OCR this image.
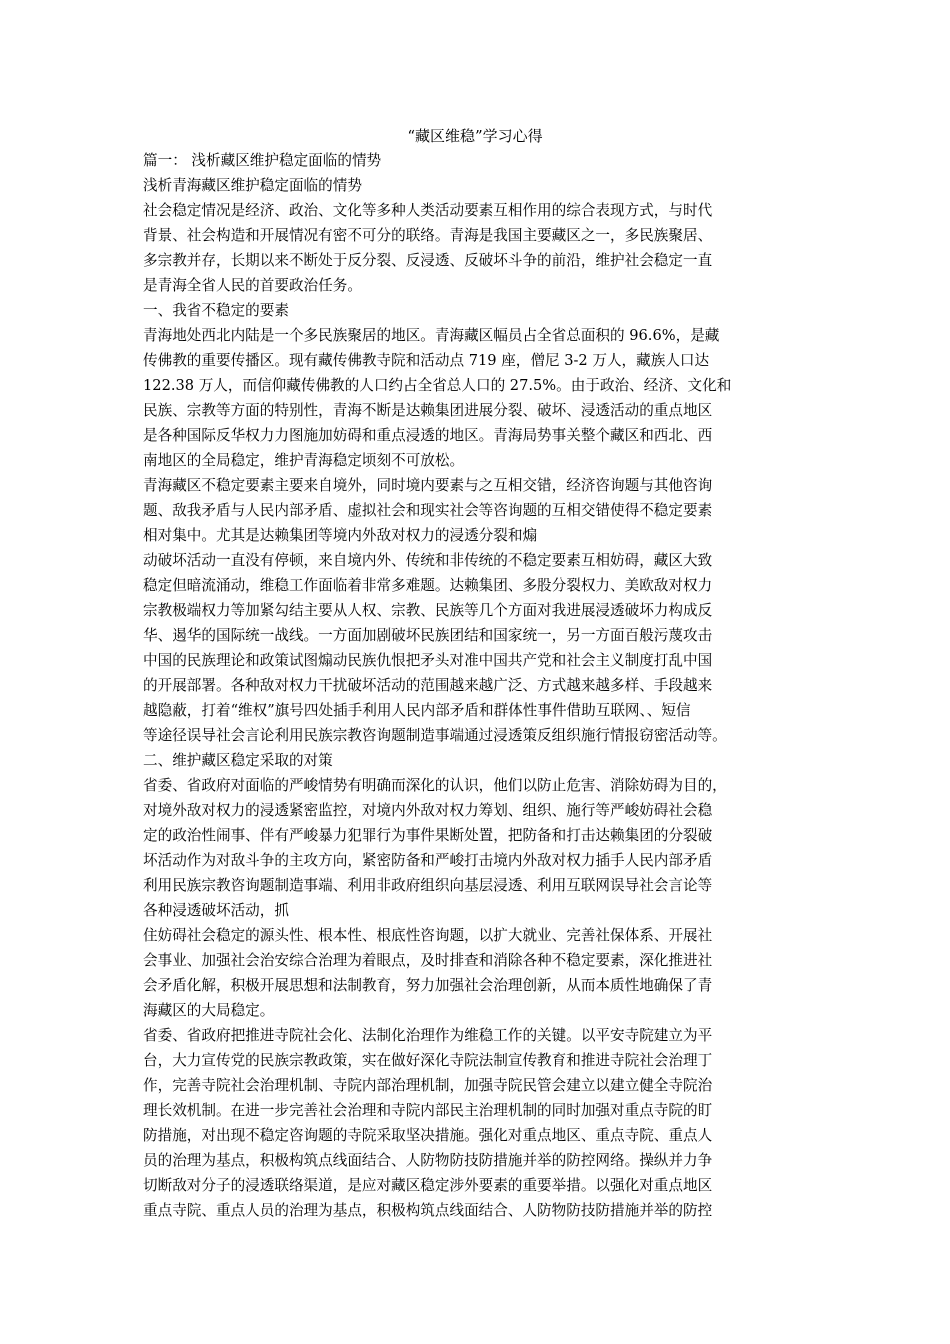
“藏区维稳”学习心得
篇一： 浅析藏区维护稳定面临的情势
浅析青海藏区维护稳定面临的情势
社会稳定情况是经济、政治、文化等多种人类活动要素互相作用的综合表现方式，与时代
背景、社会构造和开展情况有密不可分的联络。青海是我国主要藏区之一，多民族聚居、
多宗教并存，长期以来不断处于反分裂、反浸透、反破坏斗争的前沿，维护社会稳定一直
是青海全省人民的首要政治任务。
一、我省不稳定的要素
青海地处西北内陆是一个多民族聚居的地区。青海藏区幅员占全省总面积的 96.6%，是藏
传佛教的重要传播区。现有藏传佛教寺院和活动点 719 座，僧尼 3-2 万人，藏族人口达
122.38 万人，而信仰藏传佛教的人口约占全省总人口的 27.5%。由于政治、经济、文化和
民族、宗教等方面的特别性，青海不断是达赖集团进展分裂、破坏、浸透活动的重点地区
是各种国际反华权力力图施加妨碍和重点浸透的地区。青海局势事关整个藏区和西北、西
南地区的全局稳定，维护青海稳定顷刻不可放松。
青海藏区不稳定要素主要来自境外，同时境内要素与之互相交错，经济咨询题与其他咨询
题、敌我矛盾与人民内部矛盾、虚拟社会和现实社会等咨询题的互相交错使得不稳定要素
相对集中。尤其是达赖集团等境内外敌对权力的浸透分裂和煽
动破坏活动一直没有停顿，来自境内外、传统和非传统的不稳定要素互相妨碍，藏区大致
稳定但暗流涌动，维稳工作面临着非常多难题。达赖集团、多股分裂权力、美欧敌对权力
宗教极端权力等加紧勾结主要从人权、宗教、民族等几个方面对我进展浸透破坏力构成反
华、遏华的国际统一战线。一方面加剧破坏民族团结和国家统一，另一方面百般污蔑攻击
中国的民族理论和政策试图煽动民族仇恨把矛头对准中国共产党和社会主义制度打乱中国
的开展部署。各种敌对权力干扰破坏活动的范围越来越广泛、方式越来越多样、手段越来
越隐蔽，打着“维权”旗号四处插手利用人民内部矛盾和群体性事件借助互联网、、短信
等途径误导社会言论利用民族宗教咨询题制造事端通过浸透策反组织施行情报窃密活动等。
二、维护藏区稳定采取的对策
省委、省政府对面临的严峻情势有明确而深化的认识，他们以防止危害、消除妨碍为目的，
对境外敌对权力的浸透紧密监控，对境内外敌对权力筹划、组织、施行等严峻妨碍社会稳
定的政治性闹事、伴有严峻暴力犯罪行为事件果断处置，把防备和打击达赖集团的分裂破
坏活动作为对敌斗争的主攻方向，紧密防备和严峻打击境内外敌对权力插手人民内部矛盾
利用民族宗教咨询题制造事端、利用非政府组织向基层浸透、利用互联网误导社会言论等
各种浸透破坏活动，抓
住妨碍社会稳定的源头性、根本性、根底性咨询题，以扩大就业、完善社保体系、开展社
会事业、加强社会治安综合治理为着眼点，及时排查和消除各种不稳定要素，深化推进社
会矛盾化解，积极开展思想和法制教育，努力加强社会治理创新，从而本质性地确保了青
海藏区的大局稳定。
省委、省政府把推进寺院社会化、法制化治理作为维稳工作的关键。以平安寺院建立为平
台，大力宣传党的民族宗教政策，实在做好深化寺院法制宣传教育和推进寺院社会治理丁
作，完善寺院社会治理机制、寺院内部治理机制，加强寺院民管会建立以建立健全寺院治
理长效机制。在进一步完善社会治理和寺院内部民主治理机制的同时加强对重点寺院的盯
防措施，对出现不稳定咨询题的寺院采取坚决措施。强化对重点地区、重点寺院、重点人
员的治理为基点，积极构筑点线面结合、人防物防技防措施并举的防控网络。操纵并力争
切断敌对分子的浸透联络渠道，是应对藏区稳定涉外要素的重要举措。以强化对重点地区
重点寺院、重点人员的治理为基点，积极构筑点线面结合、人防物防技防措施并举的防控
